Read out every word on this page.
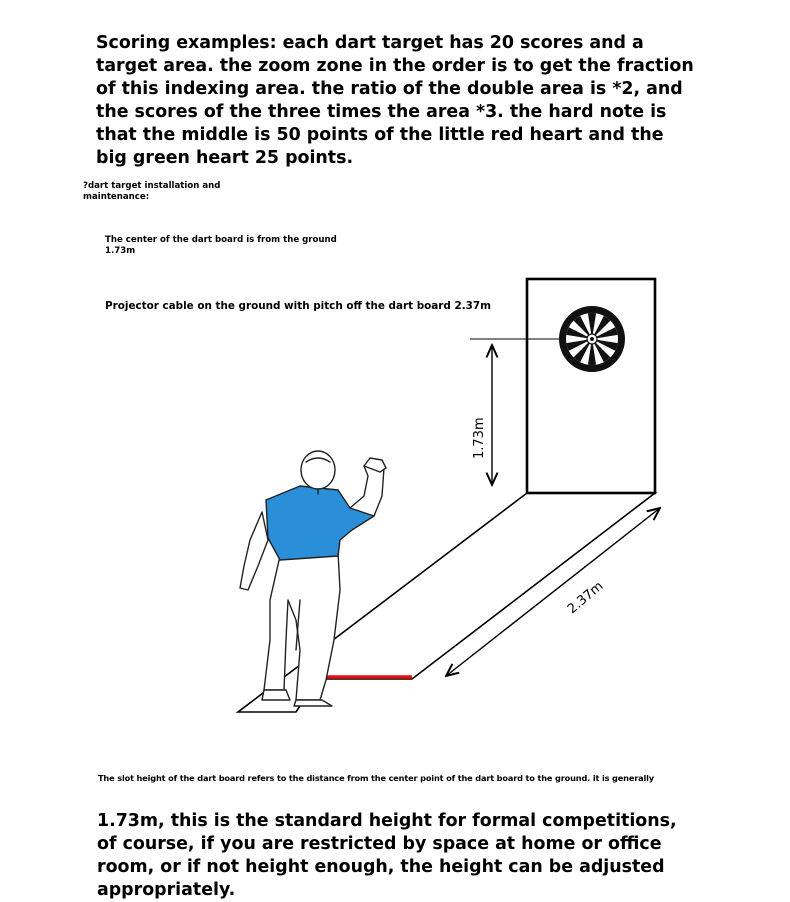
Scoring examples: each dart target has 20 scores and a target area. the zoom zone in the order is to get the fraction of this indexing area. the ratio of the double area is *2, and the scores of the three times the area *3. the hard note is that the middle is 50 points of the little red heart and the big green heart 25 points.

?dart target installation and maintenance:

The center of the dart board is from the ground 1.73m

Projector cable on the ground with pitch off the dart board 2.37m

1.73m
2.37m

The slot height of the dart board refers to the distance from the center point of the dart board to the ground. it is generally

1.73m, this is the standard height for formal competitions, of course, if you are restricted by space at home or office room, or if not height enough, the height can be adjusted appropriately.
